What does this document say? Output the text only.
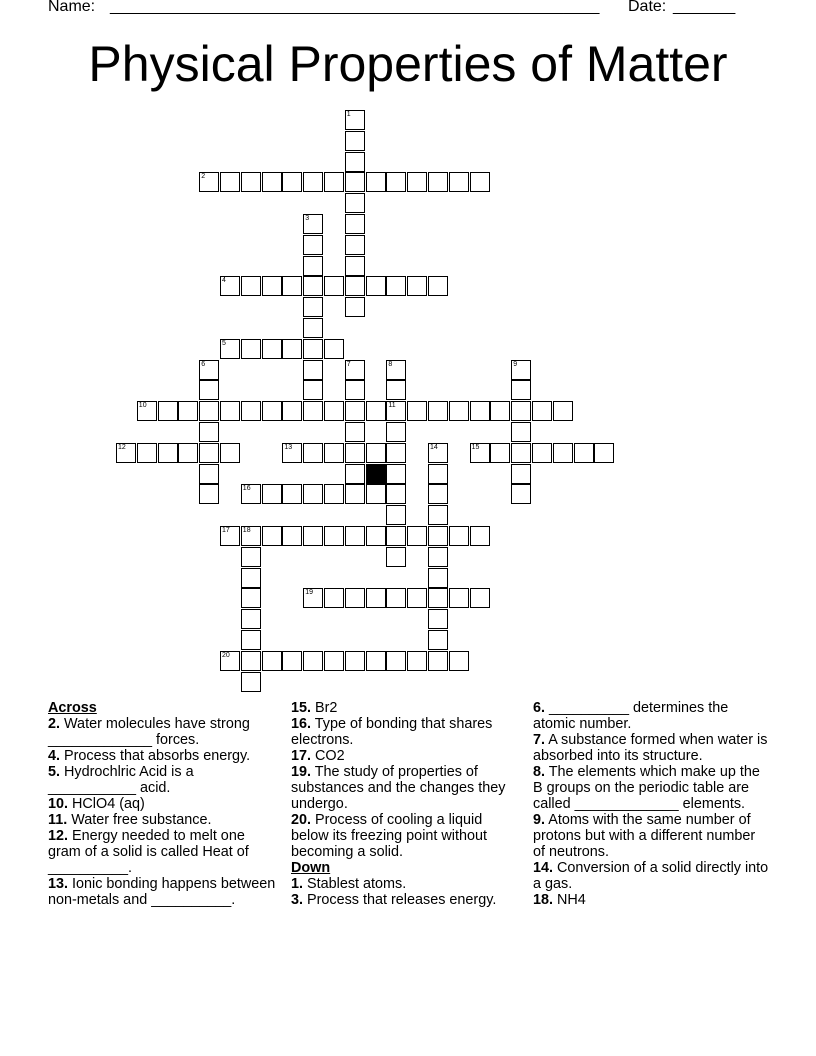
Name: _______________________________________________________ Date: _______
Physical Properties of Matter
1
3
6	7	8
11
9
14
18
2
4
5
10
12	13	15
16
17
19
20
Across

2. Water molecules have strong _____________ forces.

4. Process that absorbs energy.

5. Hydrochlric Acid is a ___________ acid.

10. HClO4 (aq)

11. Water free substance.

12. Energy needed to melt one gram of a solid is called Heat of __________.

13. Ionic bonding happens between non-metals and __________.

15. Br2

16. Type of bonding that shares electrons.

17. CO2

19. The study of properties of substances and the changes they undergo.

20. Process of cooling a liquid below its freezing point without becoming a solid.

Down

1. Stablest atoms.

3. Process that releases energy.

6. __________ determines the atomic number.

7. A substance formed when water is absorbed into its structure.

8. The elements which make up the B groups on the periodic table are called _____________ elements.

9. Atoms with the same number of protons but with a different number of neutrons.

14. Conversion of a solid directly into a gas.

18. NH4
